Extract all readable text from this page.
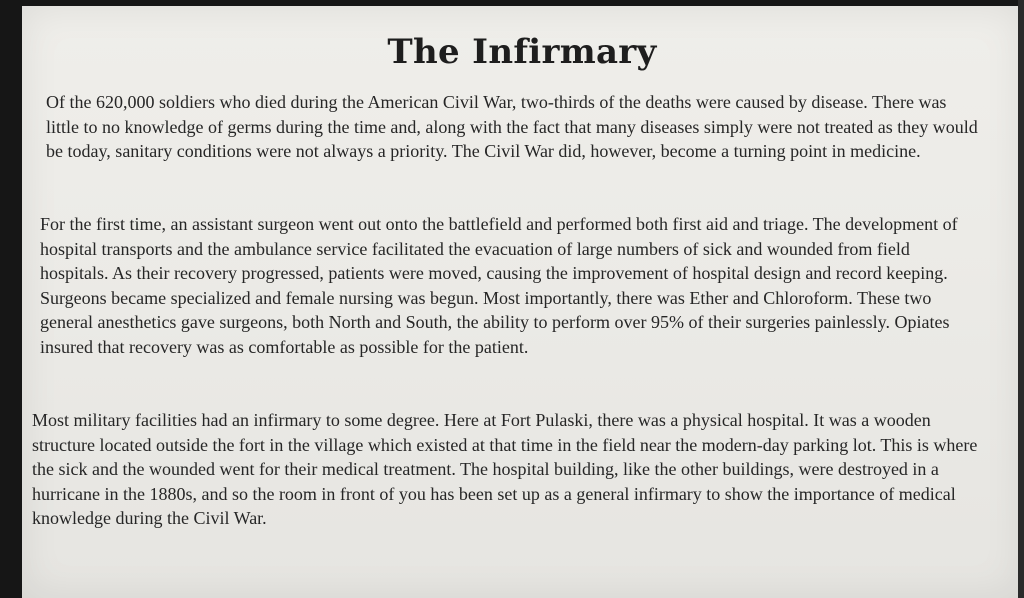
The Infirmary

Of the 620,000 soldiers who died during the American Civil War, two-thirds of the deaths were caused by disease. There was little to no knowledge of germs during the time and, along with the fact that many diseases simply were not treated as they would be today, sanitary conditions were not always a priority. The Civil War did, however, become a turning point in medicine.

For the first time, an assistant surgeon went out onto the battlefield and performed both first aid and triage. The development of hospital transports and the ambulance service facilitated the evacuation of large numbers of sick and wounded from field hospitals. As their recovery progressed, patients were moved, causing the improvement of hospital design and record keeping. Surgeons became specialized and female nursing was begun. Most importantly, there was Ether and Chloroform. These two general anesthetics gave surgeons, both North and South, the ability to perform over 95% of their surgeries painlessly. Opiates insured that recovery was as comfortable as possible for the patient.

Most military facilities had an infirmary to some degree. Here at Fort Pulaski, there was a physical hospital. It was a wooden structure located outside the fort in the village which existed at that time in the field near the modern-day parking lot. This is where the sick and the wounded went for their medical treatment. The hospital building, like the other buildings, were destroyed in a hurricane in the 1880s, and so the room in front of you has been set up as a general infirmary to show the importance of medical knowledge during the Civil War.
